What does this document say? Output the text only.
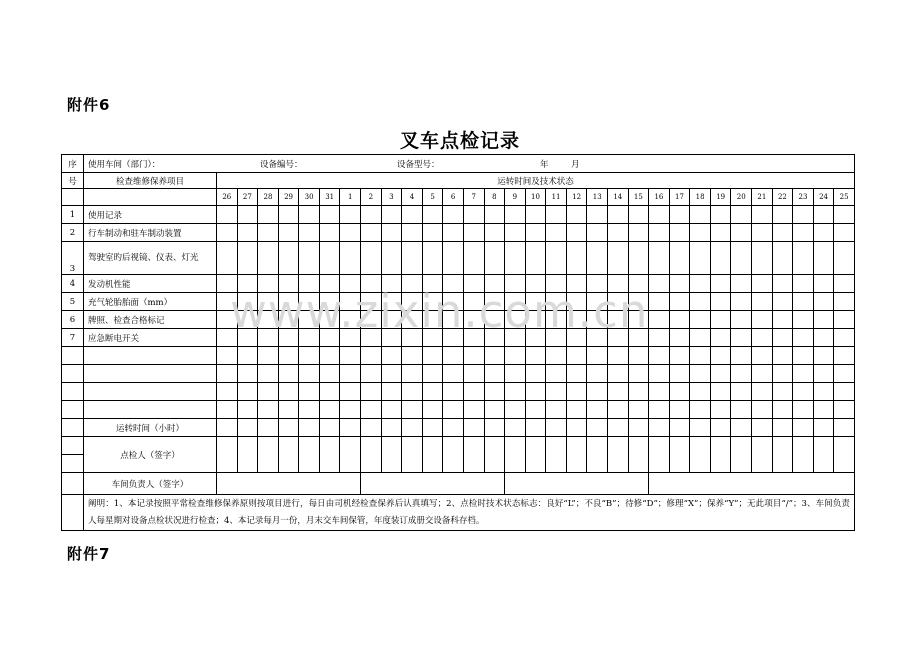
附件6
叉车点检记录
www.zixin.com.cn
序	使用车间（部门）： 设备编号： 设备型号： 年 月																															
号	检查维修保养项目	运转时间及技术状态																														
		26	27	28	29	30	31	1	2	3	4	5	6	7	8	9	10	11	12	13	14	15	16	17	18	19	20	21	22	23	24	25
1	使用记录																															
2	行车制动和驻车制动装置																															
3	驾驶室旳后视镜、仪表、灯光																															
4	发动机性能																															
5	充气轮胎胎面（mm）																															
6	牌照、检查合格标记																															
7	应急断电开关																															

	运转时间（小时）																															
	点检人（签字）																															

	车间负责人（签字）																															
	阐明：1、本记录按照平常检查维修保养原则按项目进行，每日由司机经检查保养后认真填写；2、点检时技术状态标志：良好“L”；不良“B”；待修“D”；修理“X”；保养“Y”；无此项目“/”；3、车间负责人每星期对设备点检状况进行检查；4、本记录每月一份，月末交车间保管，年度装订成册交设备科存档。																															
附件7
